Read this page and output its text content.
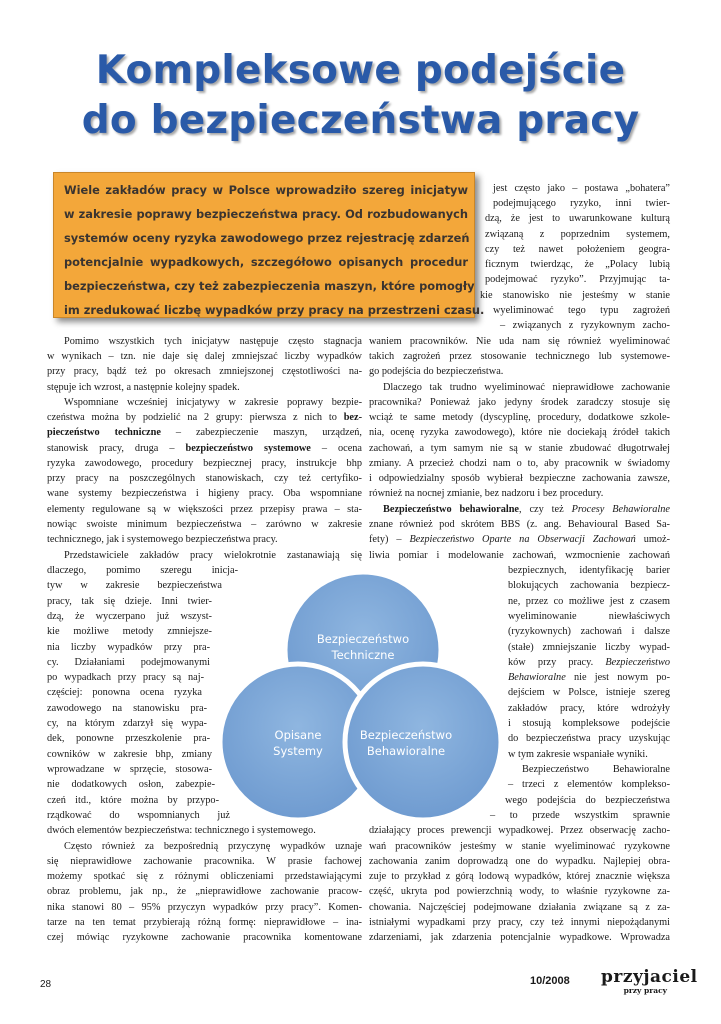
Kompleksowe podejście
do bezpieczeństwa pracy
Wiele zakładów pracy w Polsce wprowadziło szereg inicjatyw
w zakresie poprawy bezpieczeństwa pracy. Od rozbudowanych
systemów oceny ryzyka zawodowego przez rejestrację zdarzeń
potencjalnie wypadkowych, szczegółowo opisanych procedur
bezpieczeństwa, czy też zabezpieczenia maszyn, które pomogły
im zredukować liczbę wypadków przy pracy na przestrzeni czasu.
Pomimo wszystkich tych inicjatyw następuje często stagnacja
w wynikach – tzn. nie daje się dalej zmniejszać liczby wypadków
przy pracy, bądź też po okresach zmniejszonej częstotliwości na-
stępuje ich wzrost, a następnie kolejny spadek.
Wspomniane wcześniej inicjatywy w zakresie poprawy bezpie-
czeństwa można by podzielić na 2 grupy: pierwsza z nich to bez-
pieczeństwo techniczne – zabezpieczenie maszyn, urządzeń,
stanowisk pracy, druga – bezpieczeństwo systemowe – ocena
ryzyka zawodowego, procedury bezpiecznej pracy, instrukcje bhp
przy pracy na poszczególnych stanowiskach, czy też certyfiko-
wane systemy bezpieczeństwa i higieny pracy. Oba wspomniane
elementy regulowane są w większości przez przepisy prawa – sta-
nowiąc swoiste minimum bezpieczeństwa – zarówno w zakresie
technicznego, jak i systemowego bezpieczeństwa pracy.
Przedstawiciele zakładów pracy wielokrotnie zastanawiają się
dlaczego, pomimo szeregu inicja-
tyw w zakresie bezpieczeństwa
pracy, tak się dzieje. Inni twier-
dzą, że wyczerpano już wszyst-
kie możliwe metody zmniejsze-
nia liczby wypadków przy pra-
cy. Działaniami podejmowanymi
po wypadkach przy pracy są naj-
częściej: ponowna ocena ryzyka
zawodowego na stanowisku pra-
cy, na którym zdarzył się wypa-
dek, ponowne przeszkolenie pra-
cowników w zakresie bhp, zmiany
wprowadzane w sprzęcie, stosowa-
nie dodatkowych osłon, zabezpie-
czeń itd., które można by przypo-
rządkować do wspomnianych już
dwóch elementów bezpieczeństwa: technicznego i systemowego.
Często również za bezpośrednią przyczynę wypadków uznaje
się nieprawidłowe zachowanie pracownika. W prasie fachowej
możemy spotkać się z różnymi obliczeniami przedstawiającymi
obraz problemu, jak np., że „nieprawidłowe zachowanie pracow-
nika stanowi 80 – 95% przyczyn wypadków przy pracy”. Komen-
tarze na ten temat przybierają różną formę: nieprawidłowe – ina-
czej mówiąc ryzykowne zachowanie pracownika komentowane
jest często jako – postawa „bohatera”
podejmującego ryzyko, inni twier-
dzą, że jest to uwarunkowane kulturą
związaną z poprzednim systemem,
czy też nawet położeniem geogra-
ficznym twierdząc, że „Polacy lubią
podejmować ryzyko”. Przyjmując ta-
kie stanowisko nie jesteśmy w stanie
wyeliminować tego typu zagrożeń
– związanych z ryzykownym zacho-
waniem pracowników. Nie uda nam się również wyeliminować
takich zagrożeń przez stosowanie technicznego lub systemowe-
go podejścia do bezpieczeństwa.
Dlaczego tak trudno wyeliminować nieprawidłowe zachowanie
pracownika? Ponieważ jako jedyny środek zaradczy stosuje się
wciąż te same metody (dyscyplinę, procedury, dodatkowe szkole-
nia, ocenę ryzyka zawodowego), które nie dociekają źródeł takich
zachowań, a tym samym nie są w stanie zbudować długotrwałej
zmiany. A przecież chodzi nam o to, aby pracownik w świadomy
i odpowiedzialny sposób wybierał bezpieczne zachowania zawsze,
również na nocnej zmianie, bez nadzoru i bez procedury.
Bezpieczeństwo behawioralne, czy też Procesy Behawioralne
znane również pod skrótem BBS (z. ang. Behavioural Based Sa-
fety) – Bezpieczeństwo Oparte na Obserwacji Zachowań umoż-
liwia pomiar i modelowanie zachowań, wzmocnienie zachowań
bezpiecznych, identyfikację barier
blokujących zachowania bezpiecz-
ne, przez co możliwe jest z czasem
wyeliminowanie niewłaściwych
(ryzykownych) zachowań i dalsze
(stałe) zmniejszanie liczby wypad-
ków przy pracy. Bezpieczeństwo
Behawioralne nie jest nowym po-
dejściem w Polsce, istnieje szereg
zakładów pracy, które wdrożyły
i stosują kompleksowe podejście
do bezpieczeństwa pracy uzyskując
w tym zakresie wspaniałe wyniki.
Bezpieczeństwo Behawioralne
– trzeci z elementów komplekso-
wego podejścia do bezpieczeństwa
– to przede wszystkim sprawnie
działający proces prewencji wypadkowej. Przez obserwację zacho-
wań pracowników jesteśmy w stanie wyeliminować ryzykowne
zachowania zanim doprowadzą one do wypadku. Najlepiej obra-
zuje to przykład z górą lodową wypadków, której znacznie większa
część, ukryta pod powierzchnią wody, to właśnie ryzykowne za-
chowania. Najczęściej podejmowane działania związane są z za-
istniałymi wypadkami przy pracy, czy też innymi niepożądanymi
zdarzeniami, jak zdarzenia potencjalnie wypadkowe. Wprowadza
Bezpieczeństwo
Techniczne
Opisane
Systemy
Bezpieczeństwo
Behawioralne
28	10/2008 przyjaciel
przy pracy
